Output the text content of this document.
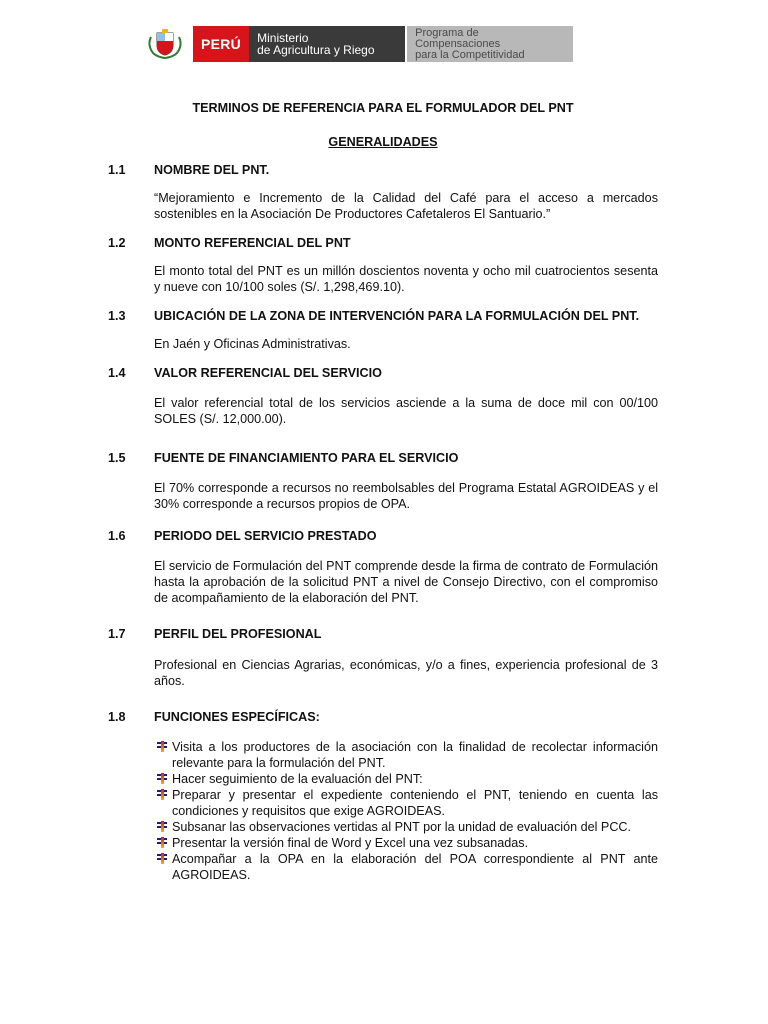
PERÚ	Ministerio
de Agricultura y Riego
Programa de
Compensaciones
para la Competitividad

TERMINOS DE REFERENCIA PARA EL FORMULADOR DEL PNT

GENERALIDADES

1.1	NOMBRE DEL PNT.
“Mejoramiento e Incremento de la Calidad del Café para el acceso a mercados sostenibles en la Asociación De Productores Cafetaleros El Santuario.”
1.2	MONTO REFERENCIAL DEL PNT
El monto total del PNT es un millón doscientos noventa y ocho mil cuatrocientos sesenta y nueve con 10/100 soles (S/. 1,298,469.10).
1.3	UBICACIÓN DE LA ZONA DE INTERVENCIÓN PARA LA FORMULACIÓN DEL PNT.
En Jaén y Oficinas Administrativas.
1.4	VALOR REFERENCIAL DEL SERVICIO
El valor referencial total de los servicios asciende a la suma de doce mil con 00/100 SOLES (S/. 12,000.00).
1.5	FUENTE DE FINANCIAMIENTO PARA EL SERVICIO
El 70% corresponde a recursos no reembolsables del Programa Estatal AGROIDEAS y el 30% corresponde a recursos propios de OPA.
1.6	PERIODO DEL SERVICIO PRESTADO
El servicio de Formulación del PNT comprende desde la firma de contrato de Formulación hasta la aprobación de la solicitud PNT a nivel de Consejo Directivo, con el compromiso de acompañamiento de la elaboración del PNT.
1.7	PERFIL DEL PROFESIONAL
Profesional en Ciencias Agrarias, económicas, y/o a fines, experiencia profesional de 3 años.
1.8	FUNCIONES ESPECÍFICAS:
Visita a los productores de la asociación con la finalidad de recolectar información relevante para la formulación del PNT.
Hacer seguimiento de la evaluación del PNT:
Preparar y presentar el expediente conteniendo el PNT, teniendo en cuenta las condiciones y requisitos que exige AGROIDEAS.
Subsanar las observaciones vertidas al PNT por la unidad de evaluación del PCC.
Presentar la versión final de Word y Excel una vez subsanadas.
Acompañar a la OPA en la elaboración del POA correspondiente al PNT ante AGROIDEAS.
